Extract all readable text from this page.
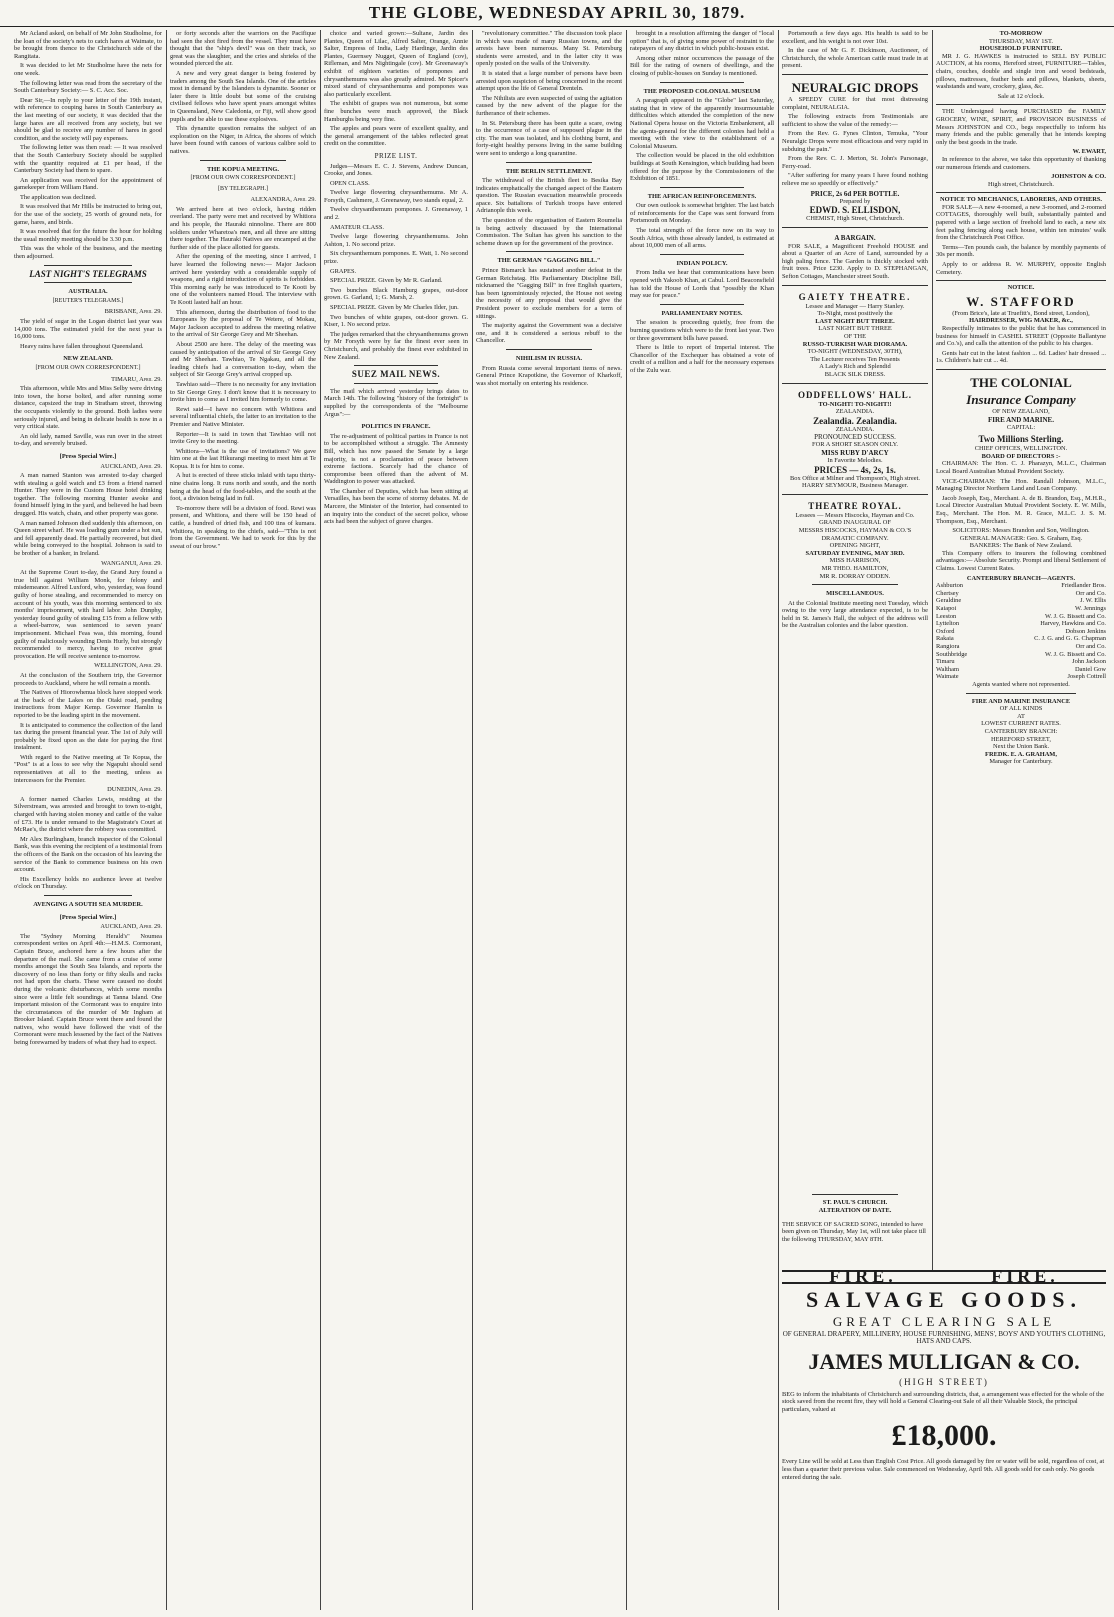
THE GLOBE, WEDNESDAY APRIL 30, 1879.

Mr Acland asked, on behalf of Mr John Studholme, for the loan of the society's nets to catch hares at Waimate, to be brought from thence to the Christchurch side of the Rangitata.

It was decided to let Mr Studholme have the nets for one week.

The following letter was read from the secretary of the South Canterbury Society:— S. C. Acc. Soc.

Dear Sir,—In reply to your letter of the 19th instant, with reference to couping hares in South Canterbury as the last meeting of our society, it was decided that the large hares are all received from any society, but we should be glad to receive any number of hares in good condition, and the society will pay expenses.

The following letter was then read: — It was resolved that the South Canterbury Society should be supplied with the quantity required at £1 per head, if the Canterbury Society had them to spare.

An application was received for the appointment of gamekeeper from William Hand.

The application was declined.

It was resolved that Mr Hills be instructed to bring out, for the use of the society, 25 worth of ground nets, for game, hares, and birds.

It was resolved that for the future the hour for holding the usual monthly meeting should be 3.30 p.m.

This was the whole of the business, and the meeting then adjourned.

LAST NIGHT'S TELEGRAMS
AUSTRALIA.
[REUTER'S TELEGRAMS.]

BRISBANE, April 29.

The yield of sugar in the Logan district last year was 14,000 tons. The estimated yield for the next year is 16,000 tons.

Heavy rains have fallen throughout Queensland.

NEW ZEALAND.
[FROM OUR OWN CORRESPONDENT.]

TIMARU, April 29.

This afternoon, while Mrs and Miss Selby were driving into town, the horse bolted, and after running some distance, capsized the trap in Stratham street, throwing the occupants violently to the ground. Both ladies were seriously injured, and being in delicate health is now in a very critical state.

An old lady, named Saville, was run over in the street to-day, and severely bruised.

[Press Special Wire.]

AUCKLAND, April 29.

A man named Stanton was arrested to-day charged with stealing a gold watch and £3 from a friend named Hunter. They were in the Custom House hotel drinking together. The following morning Hunter awoke and found himself lying in the yard, and believed he had been drugged. His watch, chain, and other property was gone.

A man named Johnson died suddenly this afternoon, on Queen street wharf. He was loading gum under a hot sun, and fell apparently dead. He partially recovered, but died while being conveyed to the hospital. Johnson is said to be brother of a banker, in Ireland.

WANGANUI, April 29.

At the Supreme Court to-day, the Grand Jury found a true bill against William Monk, for felony and misdemeanor. Alfred Luxford, who, yesterday, was found guilty of horse stealing, and recommended to mercy on account of his youth, was this morning sentenced to six months' imprisonment, with hard labor. John Dunphy, yesterday found guilty of stealing £15 from a fellow with a wheel-barrow, was sentenced to seven years' imprisonment. Michael Feas was, this morning, found guilty of maliciously wounding Denis Hurly, but strongly recommended to mercy, having to receive great provocation. He will receive sentence to-morrow.

WELLINGTON, April 29.

At the conclusion of the Southern trip, the Governor proceeds to Auckland, where he will remain a month.

The Natives of Hiorowhenua block have stopped work at the back of the Lakes on the Otaki road, pending instructions from Major Kemp. Governor Hamlin is reported to be the leading spirit in the movement.

It is anticipated to commence the collection of the land tax during the present financial year. The 1st of July will probably be fixed upon as the date for paying the first instalment.

With regard to the Native meeting at Te Kopua, the "Post" is at a loss to see why the Ngapuhi should send representatives at all to the meeting, unless as intercessors for the Premier.

DUNEDIN, April 29.

A former named Charles Lewis, residing at the Silverstream, was arrested and brought to town to-night, charged with having stolen money and cattle of the value of £73. He is under remand to the Magistrate's Court at McRae's, the district where the robbery was committed.

Mr Alex Burlingham, branch inspector of the Colonial Bank, was this evening the recipient of a testimonial from the officers of the Bank on the occasion of his leaving the service of the Bank to commence business on his own account.

His Excellency holds no audience levee at twelve o'clock on Thursday.

AVENGING A SOUTH SEA MURDER.
[Press Special Wire.]

AUCKLAND, April 29.

The "Sydney Morning Herald's" Noumea correspondent writes on April 4th:—H.M.S. Cormorant, Captain Bruce, anchored here a few hours after the departure of the mail. She came from a cruise of some months amongst the South Sea Islands, and reports the discovery of no less than forty or fifty skulls and racks not had upon the charts. These were caused no doubt during the volcanic disturbances, which some months since were a little felt soundings at Tanna Island. One important mission of the Cormorant was to enquire into the circumstances of the murder of Mr Ingham at Brooker Island. Captain Bruce went there and found the natives, who would have followed the visit of the Cormorant were much lessened by the fact of the Natives being forewarned by traders of what they had to expect.

or forty seconds after the warriors on the Pacifique had seen the shot fired from the vessel. They must have thought that the "ship's devil" was on their track, so great was the slaughter, and the cries and shrieks of the wounded pierced the air.

A new and very great danger is being fostered by traders among the South Sea Islands. One of the articles most in demand by the Islanders is dynamite. Sooner or later there is little doubt but some of the cruising civilised fellows who have spent years amongst whites in Queensland, New Caledonia, or Fiji, will show good pupils and be able to use these explosives.

This dynamite question remains the subject of an exploration on the Niger, in Africa, the shores of which have been found with canoes of various calibre sold to natives.

THE KOPUA MEETING.
[FROM OUR OWN CORRESPONDENT.]
[BY TELEGRAPH.]

ALEXANDRA, April 29.

We arrived here at two o'clock, having ridden overland. The party were met and received by Whitiora and his people, the Hauraki ninnoline. There are 800 soldiers under Wharetoa's men, and all three are sitting there together. The Hauraki Natives are encamped at the further side of the place allotted for guests.

After the opening of the meeting, since I arrived, I have learned the following news:— Major Jackson arrived here yesterday with a considerable supply of weapons, and a rigid introduction of spirits is forbidden. This morning early he was introduced to Te Kooti by one of the volunteers named Houd. The interview with Te Kooti lasted half an hour.

This afternoon, during the distribution of food to the Europeans by the proposal of Te Wetere, of Mokau, Major Jackson accepted to address the meeting relative to the arrival of Sir George Grey and Mr Sheehan.

About 2500 are here. The delay of the meeting was caused by anticipation of the arrival of Sir George Grey and Mr Sheehan. Tawhiao, Te Ngakau, and all the leading chiefs had a conversation to-day, when the subject of Sir George Grey's arrival cropped up.

Tawhiao said—There is no necessity for any invitation to Sir George Grey. I don't know that it is necessary to invite him to come as I invited him formerly to come.

Rewi said—I have no concern with Whitiora and several influential chiefs, the latter to an invitation to the Premier and Native Minister.

Reporter—It is said in town that Tawhiao will not invite Grey to the meeting.

Whitiora—What is the use of invitations? We gave him one at the last Hikurangi meeting to meet him at Te Kopua. It is for him to come.

A hut is erected of three sticks inlaid with tapu thirty-nine chains long. It runs north and south, and the north being at the head of the food-tables, and the south at the foot, a division being laid in full.

To-morrow there will be a division of food. Rewi was present, and Whitiora, and there will be 150 head of cattle, a hundred of dried fish, and 100 tins of kumara. Whitiora, in speaking to the chiefs, said—"This is not from the Government. We had to work for this by the sweat of our brow."

choice and varied grown:—Sultane, Jardin des Plantes, Queen of Lilac, Alfred Salter, Orange, Annie Salter, Empress of India, Lady Hardinge, Jardin des Plantes, Guernsey Nugget, Queen of England (cov), Rifleman, and Mrs Nightingale (cov). Mr Greenaway's exhibit of eighteen varieties of pompones and chrysanthemums was also greatly admired. Mr Spicer's mixed stand of chrysanthemums and pompones was also particularly excellent.

The exhibit of grapes was not numerous, but some fine bunches were much approved, the Black Hamburghs being very fine.

The apples and pears were of excellent quality, and the general arrangement of the tables reflected great credit on the committee.

PRIZE LIST.

Judges—Messrs E. C. J. Stevens, Andrew Duncan, Crooke, and Jones.

OPEN CLASS.

Twelve large flowering chrysanthemums. Mr A. Forsyth, Cashmere, J. Greenaway, two stands equal, 2.

Twelve chrysanthemum pompones. J. Greenaway, 1 and 2.

AMATEUR CLASS.

Twelve large flowering chrysanthemums. John Ashton, 1. No second prize.

Six chrysanthemum pompones. E. Watt, 1. No second prize.

GRAPES.

SPECIAL PRIZE. Given by Mr R. Garland.

Two bunches Black Hamburg grapes, out-door grown. G. Garland, 1; G. Marsh, 2.

SPECIAL PRIZE. Given by Mr Charles Ilder, jun.

Two bunches of white grapes, out-door grown. G. Kiser, 1. No second prize.

The judges remarked that the chrysanthemums grown by Mr Forsyth were by far the finest ever seen in Christchurch, and probably the finest ever exhibited in New Zealand.

SUEZ MAIL NEWS.

The mail which arrived yesterday brings dates to March 14th. The following "history of the fortnight" is supplied by the correspondents of the "Melbourne Argus":—

POLITICS IN FRANCE.

The re-adjustment of political parties in France is not to be accomplished without a struggle. The Amnesty Bill, which has now passed the Senate by a large majority, is not a proclamation of peace between extreme factions. Scarcely had the chance of compromise been offered than the advent of M. Waddington to power was attacked.

The Chamber of Deputies, which has been sitting at Versailles, has been the scene of stormy debates. M. de Marcere, the Minister of the Interior, had consented to an inquiry into the conduct of the secret police, whose acts had been the subject of grave charges.

"revolutionary committee." The discussion took place in which was made of many Russian towns, and the arrests have been numerous. Many St. Petersburg students were arrested, and in the latter city it was openly posted on the walls of the University.

It is stated that a large number of persons have been arrested upon suspicion of being concerned in the recent attempt upon the life of General Drenteln.

The Nihilists are even suspected of using the agitation caused by the new advent of the plague for the furtherance of their schemes.

In St. Petersburg there has been quite a scare, owing to the occurrence of a case of supposed plague in the city. The man was isolated, and his clothing burnt, and forty-eight healthy persons living in the same building were sent to undergo a long quarantine.

THE BERLIN SETTLEMENT.

The withdrawal of the British fleet to Besika Bay indicates emphatically the changed aspect of the Eastern question. The Russian evacuation meanwhile proceeds apace. Six battalions of Turkish troops have entered Adrianople this week.

The question of the organisation of Eastern Roumelia is being actively discussed by the International Commission. The Sultan has given his sanction to the scheme drawn up for the government of the province.

THE GERMAN "GAGGING BILL."

Prince Bismarck has sustained another defeat in the German Reichstag. His Parliamentary Discipline Bill, nicknamed the "Gagging Bill" in free English quarters, has been ignominiously rejected, the House not seeing the necessity of any proposal that would give the President power to exclude members for a term of sittings.

The majority against the Government was a decisive one, and it is considered a serious rebuff to the Chancellor.

NIHILISM IN RUSSIA.

From Russia come several important items of news. General Prince Krapotkine, the Governor of Kharkoff, was shot mortally on entering his residence.

brought in a resolution affirming the danger of "local option" that is, of giving some power of restraint to the ratepayers of any district in which public-houses exist.

Among other minor occurrences the passage of the Bill for the rating of owners of dwellings, and the closing of public-houses on Sunday is mentioned.

THE PROPOSED COLONIAL MUSEUM

A paragraph appeared in the "Globe" last Saturday, stating that in view of the apparently insurmountable difficulties which attended the completion of the new National Opera house on the Victoria Embankment, all the agents-general for the different colonies had held a meeting with the view to the establishment of a Colonial Museum.

The collection would be placed in the old exhibition buildings at South Kensington, which building had been offered for the purpose by the Commissioners of the Exhibition of 1851.

THE AFRICAN REINFORCEMENTS.

Our own outlook is somewhat brighter. The last batch of reinforcements for the Cape was sent forward from Portsmouth on Monday.

The total strength of the force now on its way to South Africa, with those already landed, is estimated at about 10,000 men of all arms.

INDIAN POLICY.

From India we hear that communications have been opened with Yakoob Khan, at Cabul. Lord Beaconsfield has told the House of Lords that "possibly the Khan may sue for peace."

PARLIAMENTARY NOTES.

The session is proceeding quietly, free from the burning questions which were to the front last year. Two or three government bills have passed.

There is little to report of Imperial interest. The Chancellor of the Exchequer has obtained a vote of credit of a million and a half for the necessary expenses of the Zulu war.

Portsmouth a few days ago. His health is said to be excellent, and his weight is not over 10st.

In the case of Mr G. F. Dickinson, Auctioneer, of Christchurch, the whole American cattle must trade in at present.

NEURALGIC DROPS

A SPEEDY CURE for that most distressing complaint, NEURALGIA.

The following extracts from Testimonials are sufficient to show the value of the remedy:—

From the Rev. G. Fynes Clinton, Temuka, "Your Neuralgic Drops were most efficacious and very rapid in subduing the pain."

From the Rev. C. J. Merton, St. John's Parsonage, Ferry-road.

"After suffering for many years I have found nothing relieve me so speedily or effectively."

PRICE, 2s 6d PER BOTTLE.
Prepared by
EDWD. S. ELLISDON,
CHEMIST, High Street, Christchurch.
A BARGAIN.

FOR SALE, a Magnificent Freehold HOUSE and about a Quarter of an Acre of Land, surrounded by a high paling fence. The Garden is thickly stocked with fruit trees. Price £230. Apply to D. STEPHANGAN, Sefton Cottages, Manchester street South.

GAIETY THEATRE.
Lessee and Manager — Harry Stanley.
To-Night, most positively the
LAST NIGHT BUT THREE.
LAST NIGHT BUT THREE
OF THE
RUSSO-TURKISH WAR DIORAMA.
TO-NIGHT (WEDNESDAY, 30TH),
The Lecturer receives Ten Presents
A Lady's Rich and Splendid
BLACK SILK DRESS.
ODDFELLOWS' HALL.
TO-NIGHT! TO-NIGHT!!
ZEALANDIA.
Zealandia. Zealandia.
ZEALANDIA.
PRONOUNCED SUCCESS.
FOR A SHORT SEASON ONLY.
MISS RUBY D'ARCY
In Favorite Melodies.
PRICES — 4s, 2s, 1s.
Box Office at Milner and Thompson's, High street.
HARRY SEYMOUR, Business Manager.
THEATRE ROYAL.
Lessees — Messrs Hiscocks, Hayman and Co.
GRAND INAUGURAL OF
MESSRS HISCOCKS, HAYMAN & CO.'S DRAMATIC COMPANY.
OPENING NIGHT,
SATURDAY EVENING, MAY 3RD.
MISS HARRISON,
MR THEO. HAMILTON,
MR R. DORRAY ODDEN.
MISCELLANEOUS.

At the Colonial Institute meeting next Tuesday, which owing to the very large attendance expected, is to be held in St. James's Hall, the subject of the address will be the Australian colonies and the labor question.

TO-MORROW
THURSDAY, MAY 1ST.
HOUSEHOLD FURNITURE.

MR J. G. HAWKES is instructed to SELL BY PUBLIC AUCTION, at his rooms, Hereford street, FURNITURE—Tables, chairs, couches, double and single iron and wood bedsteads, pillows, mattresses, feather beds and pillows, blankets, sheets, washstands and ware, crockery, glass, &c.

Sale at 12 o'clock.

THE Undersigned having PURCHASED the FAMILY GROCERY, WINE, SPIRIT, and PROVISION BUSINESS of Messrs JOHNSTON and CO., begs respectfully to inform his many friends and the public generally that he intends keeping only the best goods in the trade.

W. EWART,

In reference to the above, we take this opportunity of thanking our numerous friends and customers.

JOHNSTON & CO.
High street, Christchurch.
NOTICE TO MECHANICS, LABORERS, AND OTHERS.

FOR SALE—A new 4-roomed, a new 3-roomed, and 2-roomed COTTAGES, thoroughly well built, substantially painted and papered with a large section of freehold land to each, a new six feet paling fencing along each house, within ten minutes' walk from the Christchurch Post Office.

Terms—Ten pounds cash, the balance by monthly payments of 30s per month.

Apply to or address R. W. MURPHY, opposite English Cemetery.

NOTICE.
W. STAFFORD
(From Brice's, late at Truefitt's, Bond street, London),
HAIRDRESSER, WIG MAKER, &c.,

Respectfully intimates to the public that he has commenced in business for himself in CASHEL STREET (Opposite Ballantyne and Co.'s), and calls the attention of the public to his charges.

Gents hair cut in the latest fashion ... 6d. Ladies' hair dressed ... 1s. Children's hair cut ... 4d.

THE COLONIAL
Insurance Company
OF NEW ZEALAND,
FIRE AND MARINE.
CAPITAL:
Two Millions Sterling.
CHIEF OFFICES, WELLINGTON.
BOARD OF DIRECTORS :-

CHAIRMAN: The Hon. C. J. Pharazyn, M.L.C., Chairman Local Board Australian Mutual Provident Society.

VICE-CHAIRMAN: The Hon. Randall Johnson, M.L.C., Managing Director Northern Land and Loan Company.

Jacob Joseph, Esq., Merchant. A. de B. Brandon, Esq., M.H.R., Local Director Australian Mutual Provident Society. E. W. Mills, Esq., Merchant. The Hon. M. R. Grace, M.L.C. J. S. M. Thompson, Esq., Merchant.

SOLICITORS: Messrs Brandon and Son, Wellington.
GENERAL MANAGER: Geo. S. Graham, Esq.
BANKERS: The Bank of New Zealand.

This Company offers to insurers the following combined advantages:— Absolute Security. Prompt and liberal Settlement of Claims. Lowest Current Rates.

CANTERBURY BRANCH—AGENTS.
Ashburton	Friedlander Bros.
Chertsey	Orr and Co.
Geraldine	J. W. Ellis
Kaiapoi	W. Jennings
Leeston	W. J. G. Bissett and Co.
Lyttelton	Harvey, Hawkins and Co.
Oxford	Dobson Jenkins
Rakaia	C. J. G. and G. G. Chapman
Rangiora	Orr and Co.
Southbridge	W. J. G. Bissett and Co.
Timaru	John Jackson
Waltham	Daniel Gow
Waimate	Joseph Cottrell
Agents wanted where not represented.
FIRE AND MARINE INSURANCE
OF ALL KINDS
AT
LOWEST CURRENT RATES.
CANTERBURY BRANCH:
HEREFORD STREET,
Next the Union Bank.
FREDK. E. A. GRAHAM,
Manager for Canterbury.
FIRE.	FIRE.
SALVAGE GOODS.
GREAT CLEARING SALE
OF GENERAL DRAPERY, MILLINERY, HOUSE FURNISHING, MENS', BOYS' AND YOUTH'S CLOTHING, HATS AND CAPS.
JAMES MULLIGAN & CO.
(HIGH STREET)

BEG to inform the inhabitants of Christchurch and surrounding districts, that, a arrangement was effected for the whole of the stock saved from the recent fire, they will hold a General Clearing-out Sale of all their Valuable Stock, the principal particulars, valued at

£18,000.

Every Line will be sold at Less than English Cost Price. All goods damaged by fire or water will be sold, regardless of cost, at less than a quarter their previous value. Sale commenced on Wednesday, April 9th. All goods sold for cash only. No goods entered during the sale.

ST. PAUL'S CHURCH.
ALTERATION OF DATE.

THE SERVICE OF SACRED SONG, intended to have been given on Thursday, May 1st, will not take place till the following THURSDAY, MAY 8TH.
